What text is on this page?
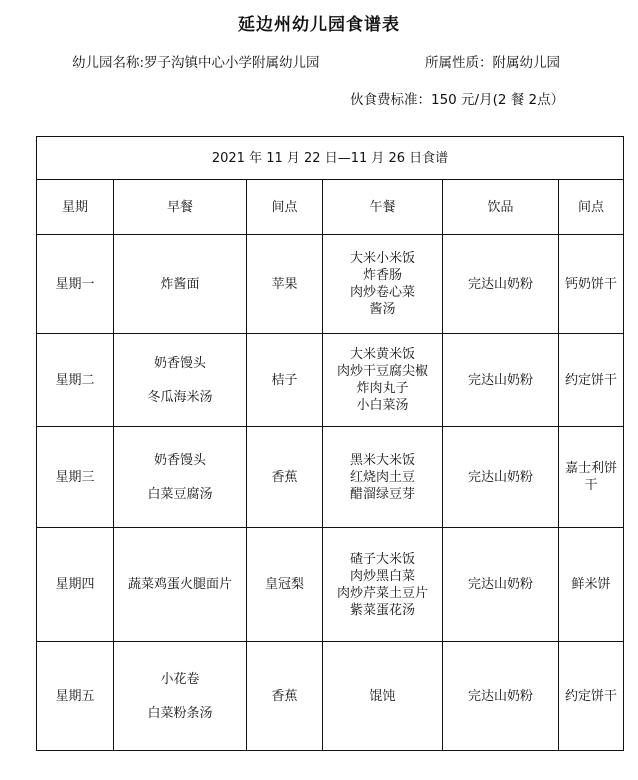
延边州幼儿园食谱表
幼儿园名称:罗子沟镇中心小学附属幼儿园	所属性质：附属幼儿园
伙食费标准：150 元/月(2 餐 2点）
2021 年 11 月 22 日—11 月 26 日食谱					
星期	早餐	间点	午餐	饮品	间点
星期一	炸酱面	苹果	大米小米饭
炸香肠
肉炒卷心菜
酱汤	完达山奶粉	钙奶饼干
星期二	奶香馒头
冬瓜海米汤	桔子	大米黄米饭
肉炒干豆腐尖椒
炸肉丸子
小白菜汤	完达山奶粉	约定饼干
星期三	奶香馒头
白菜豆腐汤	香蕉	黑米大米饭
红烧肉土豆
醋溜绿豆芽	完达山奶粉	嘉士利饼干
星期四	蔬菜鸡蛋火腿面片	皇冠梨	碴子大米饭
肉炒黑白菜
肉炒芹菜土豆片
紫菜蛋花汤	完达山奶粉	鲜米饼
星期五	小花卷
白菜粉条汤	香蕉	馄饨	完达山奶粉	约定饼干
